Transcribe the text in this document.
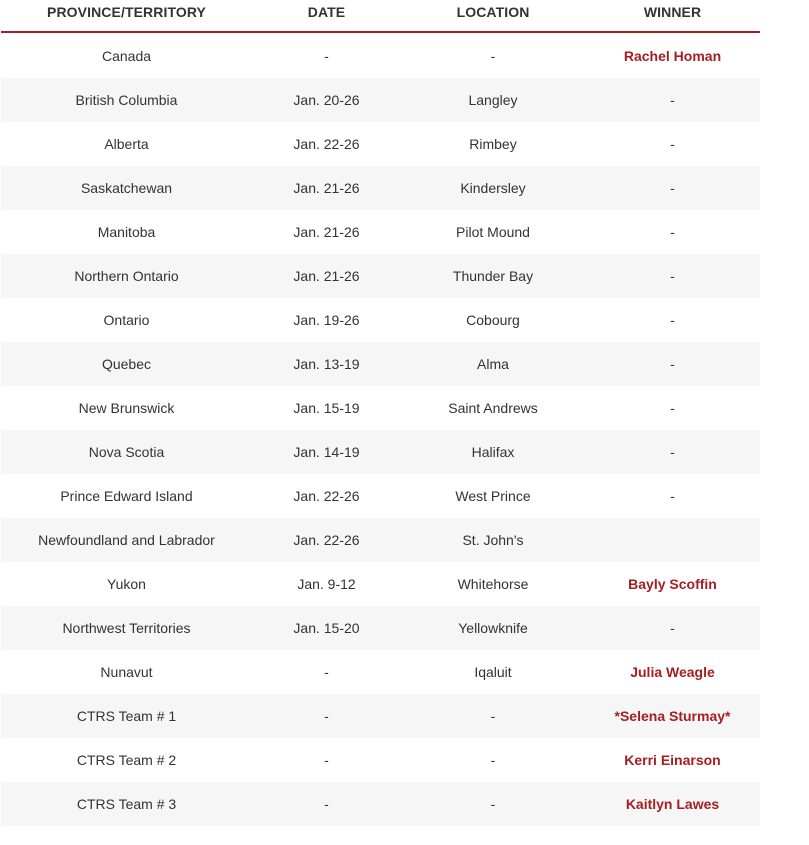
PROVINCE/TERRITORY	DATE	LOCATION	WINNER
Canada	-	-	Rachel Homan
British Columbia	Jan. 20-26	Langley	-
Alberta	Jan. 22-26	Rimbey	-
Saskatchewan	Jan. 21-26	Kindersley	-
Manitoba	Jan. 21-26	Pilot Mound	-
Northern Ontario	Jan. 21-26	Thunder Bay	-
Ontario	Jan. 19-26	Cobourg	-
Quebec	Jan. 13-19	Alma	-
New Brunswick	Jan. 15-19	Saint Andrews	-
Nova Scotia	Jan. 14-19	Halifax	-
Prince Edward Island	Jan. 22-26	West Prince	-
Newfoundland and Labrador	Jan. 22-26	St. John's
Yukon	Jan. 9-12	Whitehorse	Bayly Scoffin
Northwest Territories	Jan. 15-20	Yellowknife	-
Nunavut	-	Iqaluit	Julia Weagle
CTRS Team # 1	-	-	*Selena Sturmay*
CTRS Team # 2	-	-	Kerri Einarson
CTRS Team # 3	-	-	Kaitlyn Lawes
